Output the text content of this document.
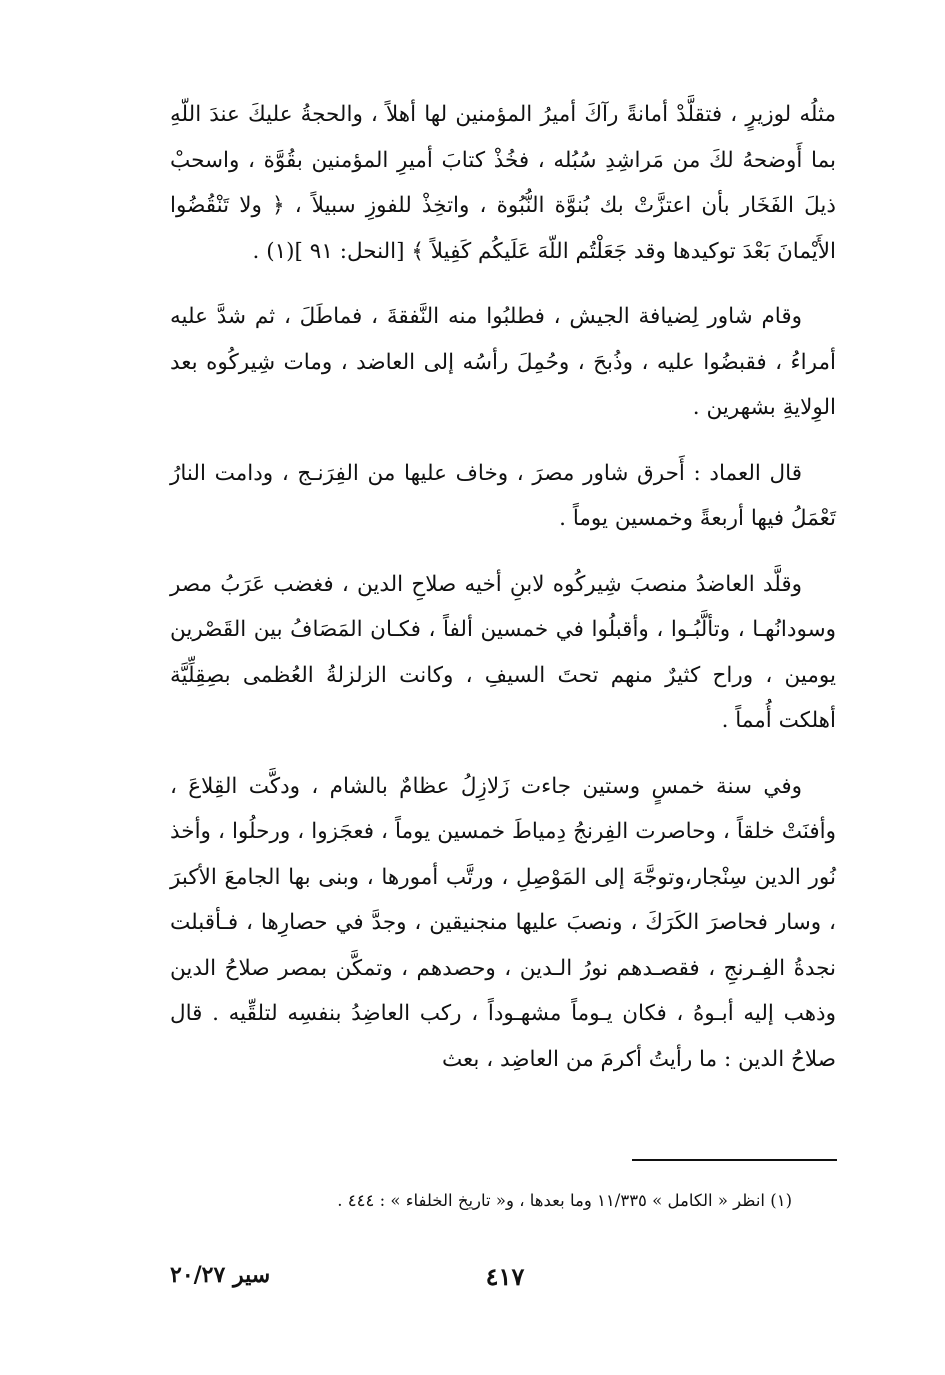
مثلُه لوزيرٍ ، فتقلَّدْ أمانةً رآكَ أميرُ المؤمنين لها أهلاً ، والحجةُ عليكَ عندَ اللّهِ بما أَوضحهُ لكَ من مَراشِدِ سُبُله ، فخُذْ كتابَ أميرِ المؤمنين بقُوَّة ، واسحبْ ذيلَ الفَخَار بأن اعتزَّتْ بك بُنوَّة النُّبُوة ، واتخِذْ للفوزِ سبيلاً ، ﴿ ولا تَنْقُضُوا الأَيْمانَ بَعْدَ توكيدها وقد جَعَلْتُم اللّهَ عَلَيكُم كَفِيلاً ﴾ [النحل: ٩١ ](١) .

وقام شاور لِضيافة الجيش ، فطلبُوا منه النَّفقةَ ، فماطَلَ ، ثم شدَّ عليه أمراءُ ، فقبضُوا عليه ، وذُبحَ ، وحُمِلَ رأسُه إلى العاضد ، ومات شِيركُوه بعد الوِلايةِ بشهرين .

قال العماد : أَحرق شاور مصرَ ، وخاف عليها من الفِرَنـج ، ودامت النارُ تَعْمَلُ فيها أربعةً وخمسين يوماً .

وقلَّد العاضدُ منصبَ شِيركُوه لابنِ أخيه صلاحِ الدين ، فغضب عَرَبُ مصر وسودانُهـا ، وتألَّبُـوا ، وأقبلُوا في خمسين ألفاً ، فكـان المَصَافُ بين القَصْرين يومين ، وراح كثيرٌ منهم تحتَ السيفِ ، وكانت الزلزلةُ العُظمى بصِقِلِّيَّة أهلكت أُمماً .

وفي سنة خمسٍ وستين جاءت زَلازِلُ عظامٌ بالشام ، ودكَّت القِلاعَ ، وأفنَتْ خلقاً ، وحاصرت الفِرنجُ دِمياطَ خمسين يوماً ، فعجَزوا ، ورحلُوا ، وأخذ نُور الدين سِنْجار،وتوجَّهَ إلى المَوْصِلِ ، ورتَّب أمورها ، وبنى بها الجامعَ الأكبرَ ، وسار فحاصرَ الكَرَكَ ، ونصبَ عليها منجنيقين ، وجدَّ في حصارِها ، فـأقبلت نجدةُ الفِـرنجِ ، فقصـدهم نورُ الـدين ، وحصدهم ، وتمكَّن بمصر صلاحُ الدين وذهب إليه أبـوهُ ، فكان يـوماً مشهـوداً ، ركب العاضِدُ بنفسِه لتلقِّيه . قال صلاحُ الدين : ما رأيتُ أكرمَ من العاضِد ، بعث

(١) انظر « الكامل » ١١/٣٣٥ وما بعدها ، و« تاريخ الخلفاء » : ٤٤٤ .
٤١٧
سير ٢٠/٢٧
